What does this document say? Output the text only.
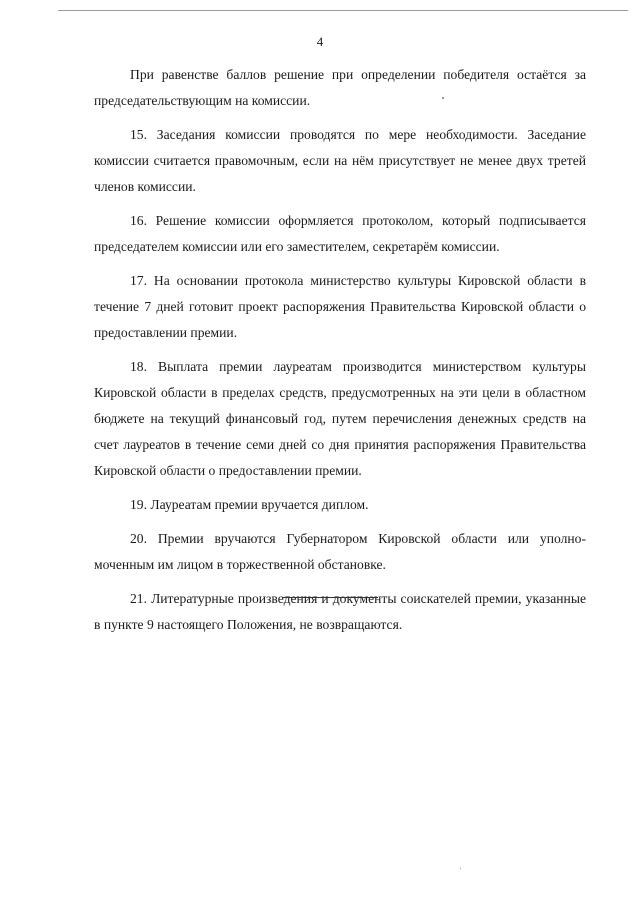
4

При равенстве баллов решение при определении победителя остаётся за председательствующим на комиссии.

15. Заседания комиссии проводятся по мере необходимости. Заседание комиссии считается правомочным, если на нём присутствует не менее двух третей членов комиссии.

16. Решение комиссии оформляется протоколом, который подписывается председателем комиссии или его заместителем, секретарём комиссии.

17. На основании протокола министерство культуры Кировской области в течение 7 дней готовит проект распоряжения Правительства Кировской области о предоставлении премии.

18. Выплата премии лауреатам производится министерством культуры Кировской области в пределах средств, предусмотренных на эти цели в областном бюджете на текущий финансовый год, путем перечисления денежных средств на счет лауреатов в течение семи дней со дня принятия распоряжения Правительства Кировской области о предоставлении премии.

19. Лауреатам премии вручается диплом.

20. Премии вручаются Губернатором Кировской области или уполномоченным им лицом в торжественной обстановке.

21. Литературные произведения и документы соискателей премии, указанные в пункте 9 настоящего Положения, не возвращаются.
